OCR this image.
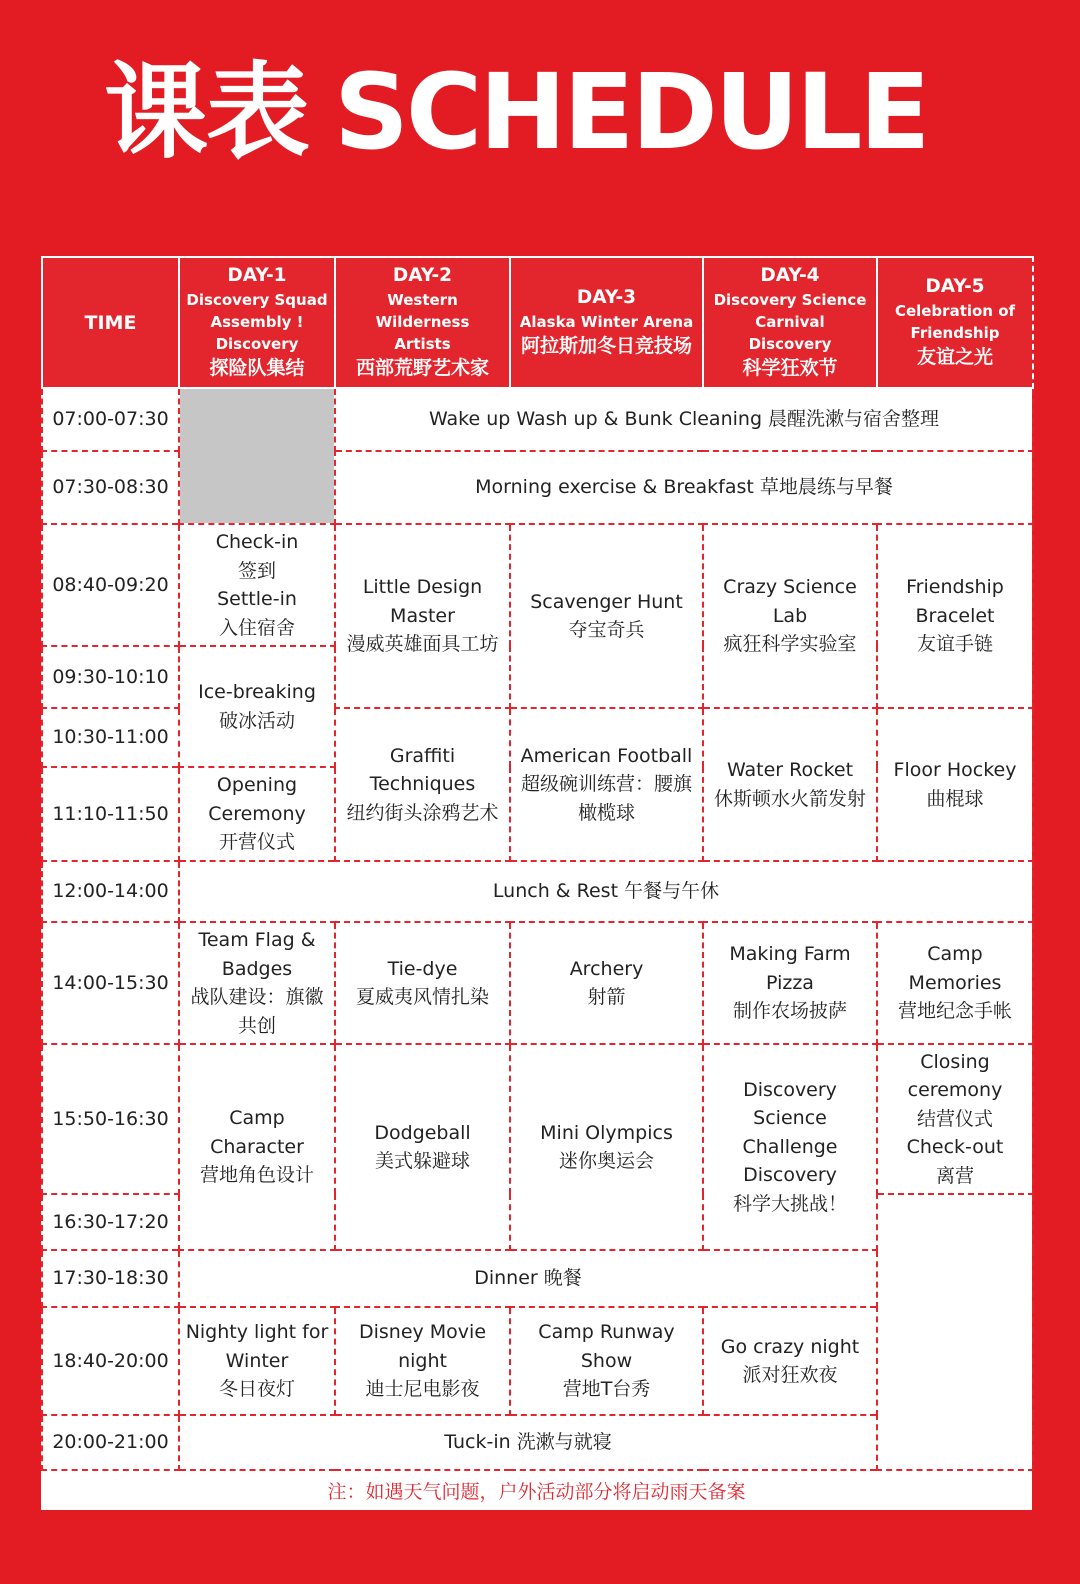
课表 SCHEDULE
TIME	DAY-1
Discovery Squad
Assembly !
Discovery
探险队集结	DAY-2
Western Wilderness
Artists
西部荒野艺术家	DAY-3
Alaska Winter Arena
阿拉斯加冬日竞技场	DAY-4
Discovery Science
Carnival
Discovery
科学狂欢节	DAY-5
Celebration of
Friendship
友谊之光

07:00-07:30		Wake up Wash up & Bunk Cleaning 晨醒洗漱与宿舍整理			
07:30-08:30		Morning exercise & Breakfast 草地晨练与早餐			
08:40-09:20	Check-in
签到
Settle-in
入住宿舍	Little Design
Master
漫威英雄面具工坊	Scavenger Hunt
夺宝奇兵	Crazy Science
Lab
疯狂科学实验室	Friendship
Bracelet
友谊手链

09:30-10:10	Ice-breaking
破冰活动				

10:30-11:00		Graffiti
Techniques
纽约街头涂鸦艺术	American Football
超级碗训练营：腰旗
橄榄球	Water Rocket
休斯顿水火箭发射	Floor Hockey
曲棍球

11:10-11:50	Opening
Ceremony
开营仪式				

12:00-14:00	Lunch & Rest 午餐与午休				
14:00-15:30	Team Flag &
Badges
战队建设：旗徽
共创	Tie-dye
夏威夷风情扎染	Archery
射箭	Making Farm
Pizza
制作农场披萨	Camp
Memories
营地纪念手帐

15:50-16:30	Camp
Character
营地角色设计	Dodgeball
美式躲避球	Mini Olympics
迷你奥运会	Discovery
Science
Challenge
Discovery
科学大挑战！	Closing
ceremony
结营仪式
Check-out
离营

16:30-17:20					
17:30-18:30	Dinner 晚餐				
18:40-20:00	Nighty light for
Winter
冬日夜灯	Disney Movie
night
迪士尼电影夜	Camp Runway
Show
营地T台秀	Go crazy night
派对狂欢夜	

20:00-21:00	Tuck-in 洗漱与就寝				
注：如遇天气问题，户外活动部分将启动雨天备案
